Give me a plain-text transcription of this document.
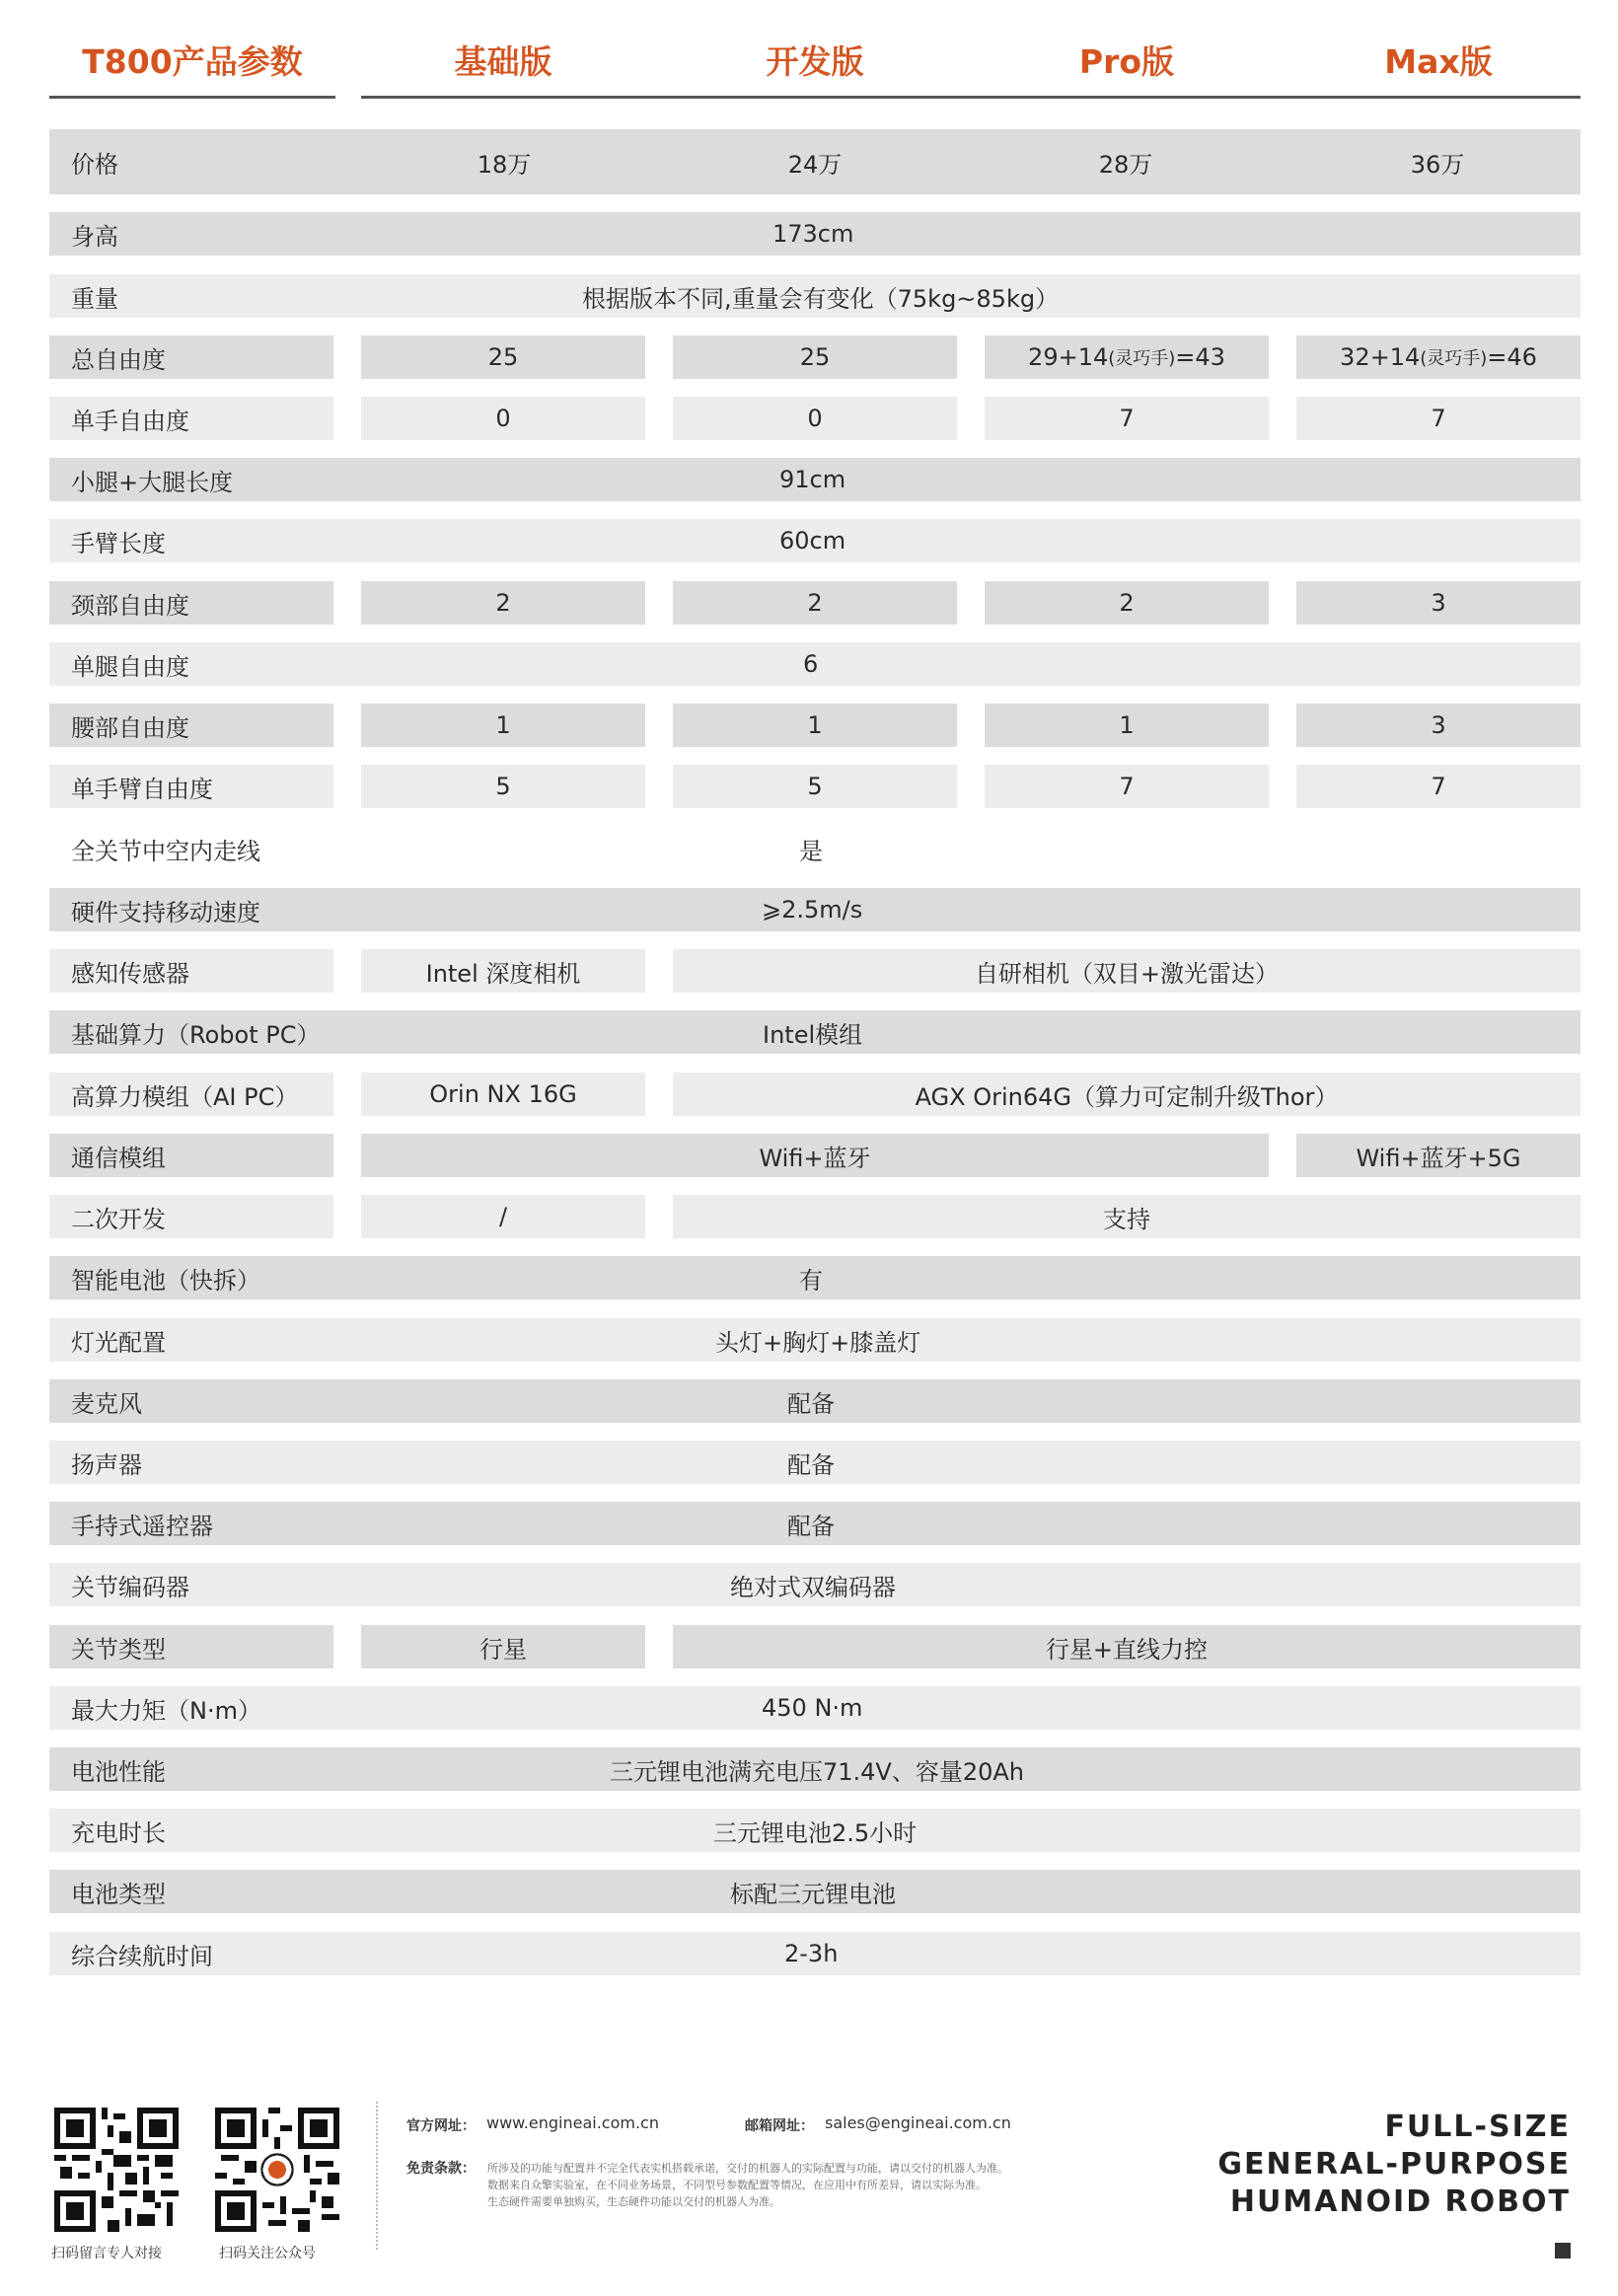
T800产品参数	基础版	开发版	Pro版	Max版
价格	18万	24万	28万	36万
身高	173cm
重量	根据版本不同,重量会有变化（75kg~85kg）
总自由度	25	25	29+14 (灵巧手) =43	32+14 (灵巧手) =46
单手自由度	0	0	7	7
小腿+大腿长度	91cm
手臂长度	60cm
颈部自由度	2	2	2	3
单腿自由度	6
腰部自由度	1	1	1	3
单手臂自由度	5	5	7	7
全关节中空内走线	是
硬件支持移动速度	⩾2.5m/s
感知传感器	Intel 深度相机	自研相机（双目+激光雷达）
基础算力（Robot PC）	Intel模组
高算力模组（AI PC）	Orin NX 16G	AGX Orin64G（算力可定制升级Thor）
通信模组	Wifi+蓝牙	Wifi+蓝牙+5G
二次开发	/	支持
智能电池（快拆）	有
灯光配置	头灯+胸灯+膝盖灯
麦克风	配备
扬声器	配备
手持式遥控器	配备
关节编码器	绝对式双编码器
关节类型	行星	行星+直线力控
最大力矩（N·m）	450 N·m
电池性能	三元锂电池满充电压71.4V、容量20Ah
充电时长	三元锂电池2.5小时
电池类型	标配三元锂电池
综合续航时间	2-3h
扫码留言专人对接	扫码关注公众号
官方网址： www.engineai.com.cn	邮箱网址： sales@engineai.com.cn
免责条款： 所涉及的功能与配置并不完全代表实机搭载承诺，交付的机器人的实际配置与功能，请以交付的机器人为准。
数据来自众擎实验室，在不同业务场景，不同型号参数配置等情况，在应用中有所差异，请以实际为准。
生态硬件需要单独购买，生态硬件功能以交付的机器人为准。
FULL-SIZE
GENERAL-PURPOSE
HUMANOID ROBOT
